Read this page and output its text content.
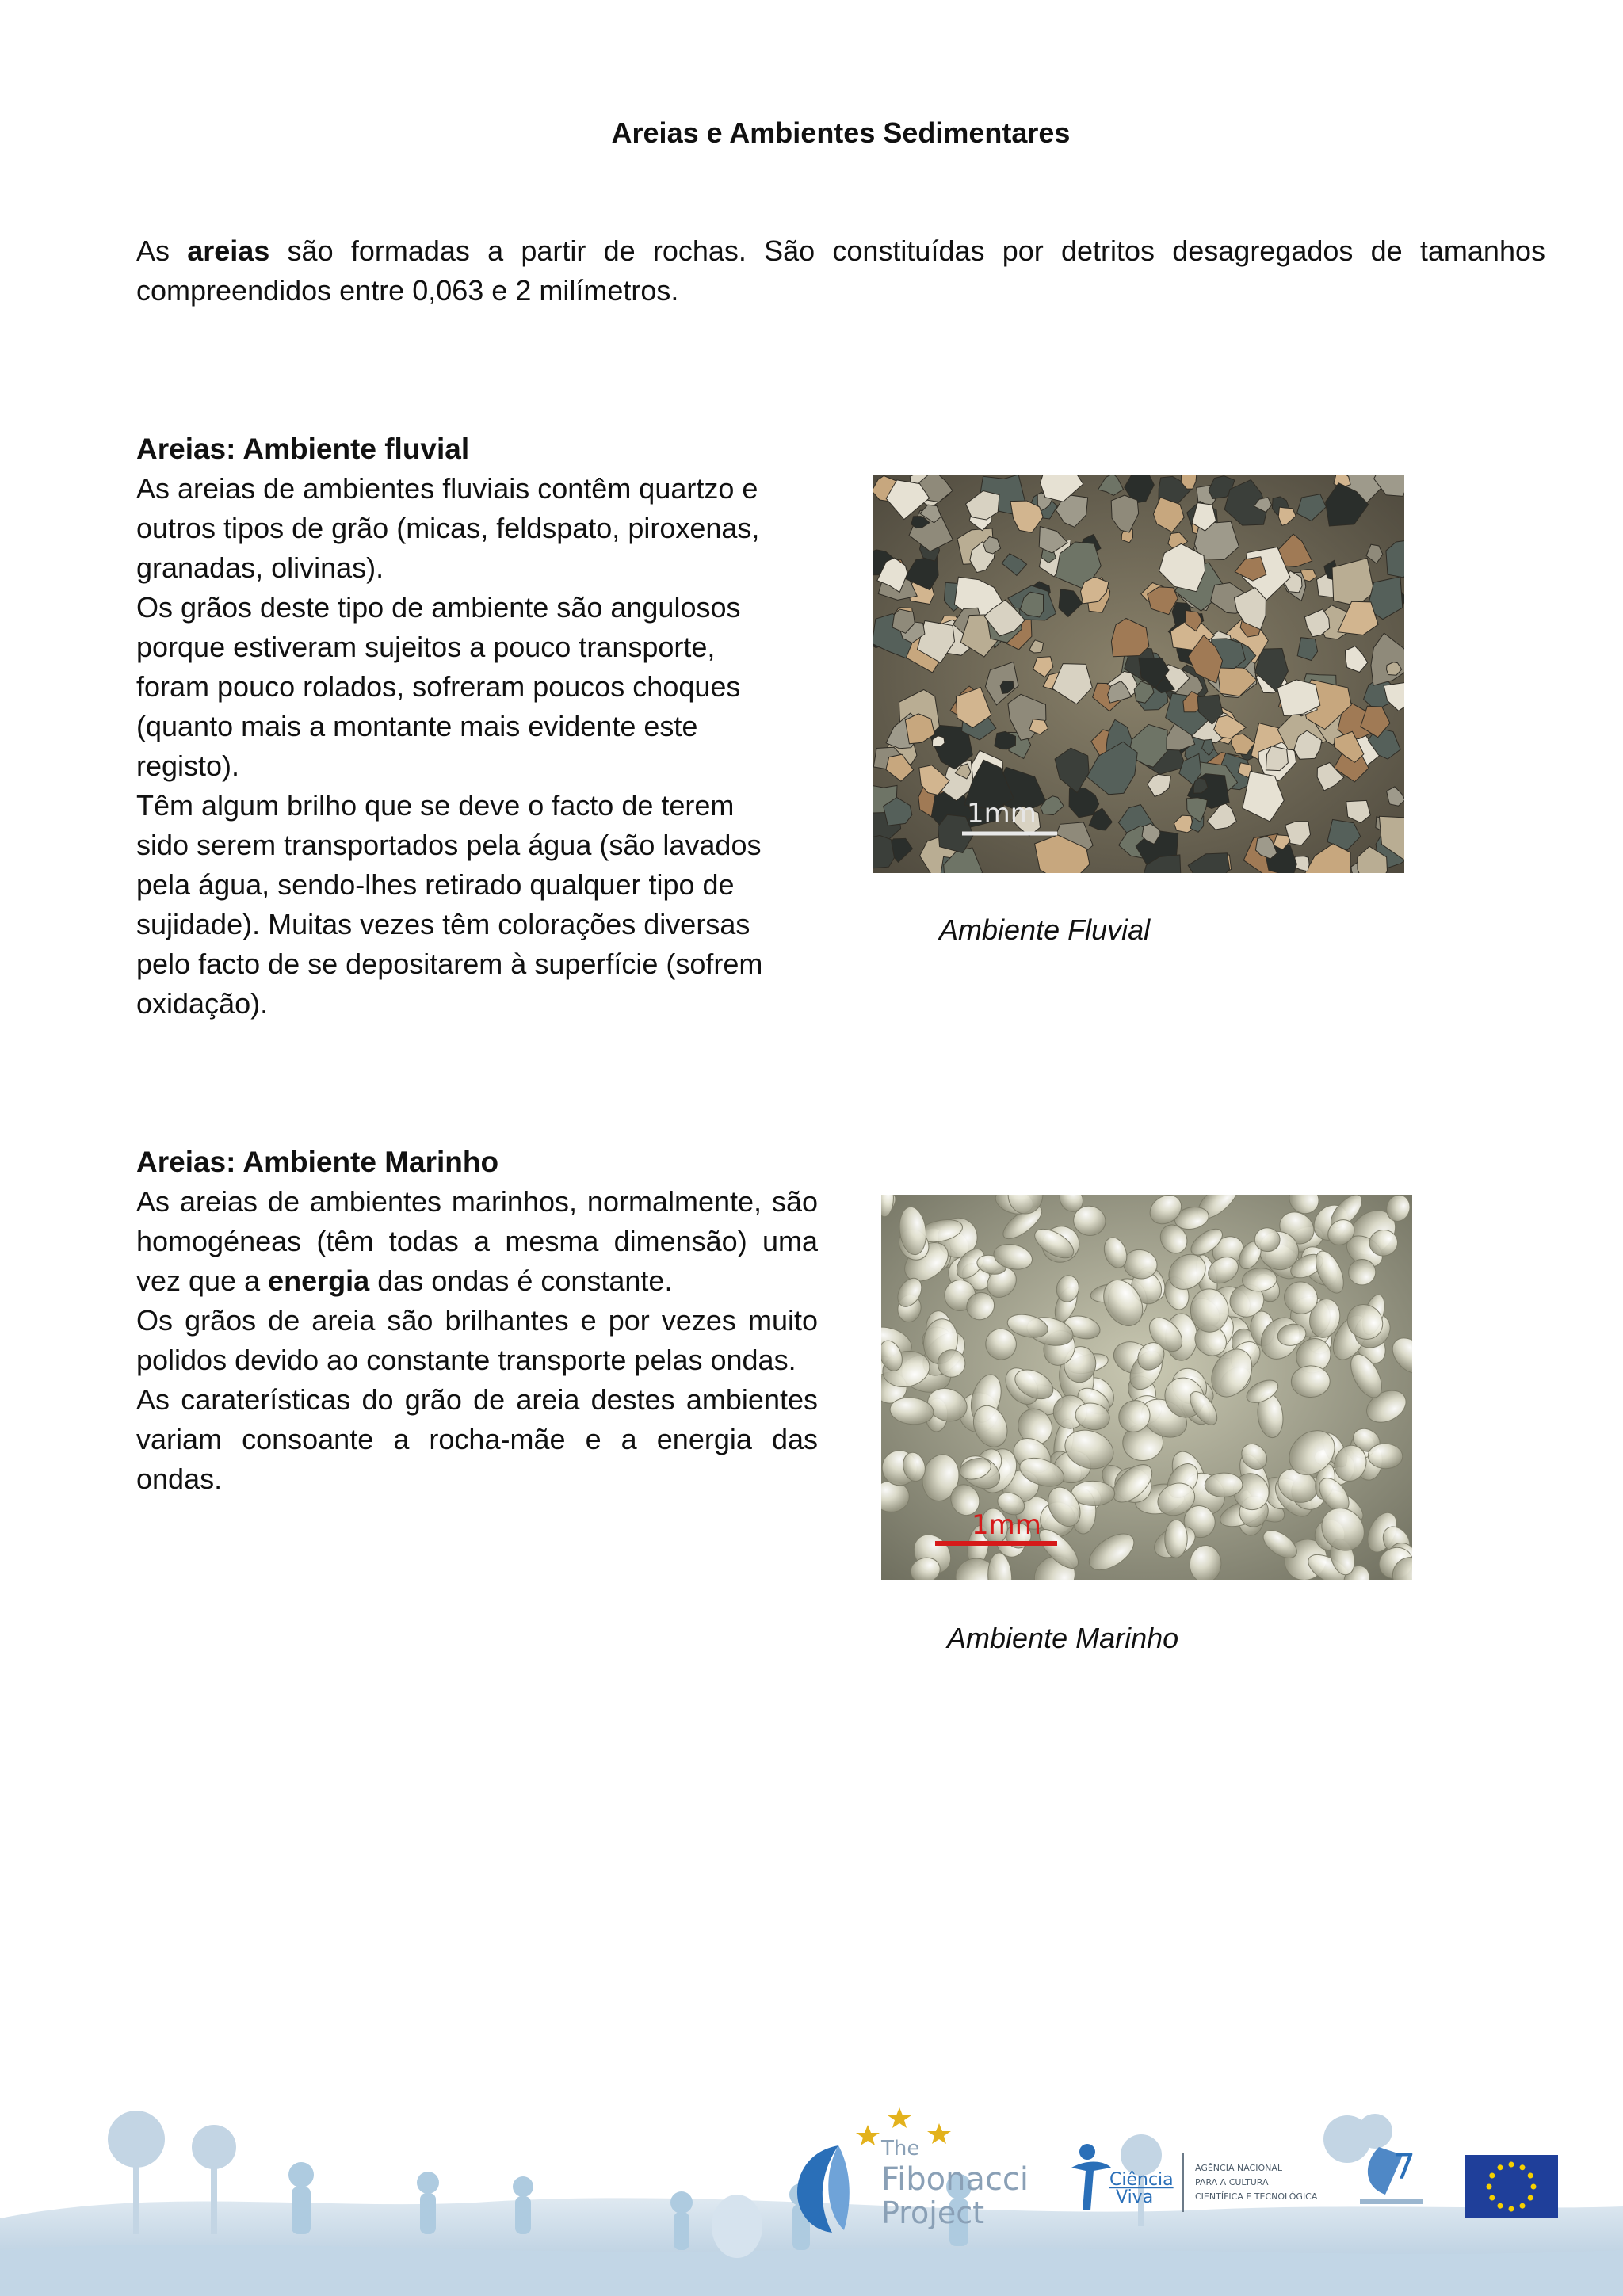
Areias e Ambientes Sedimentares
As areias são formadas a partir de rochas. São constituídas por detritos desagregados de tamanhos compreendidos entre 0,063 e 2 milímetros.
Areias: Ambiente fluvial
As areias de ambientes fluviais contêm quartzo e
outros tipos de grão (micas, feldspato, piroxenas,
granadas, olivinas).
Os grãos deste tipo de ambiente são angulosos
porque estiveram sujeitos a pouco transporte,
foram pouco rolados, sofreram poucos choques
(quanto mais a montante mais evidente este
registo).
Têm algum brilho que se deve o facto de terem
sido serem transportados pela água (são lavados
pela água, sendo-lhes retirado qualquer tipo de
sujidade). Muitas vezes têm colorações diversas
pelo facto de se depositarem à superfície (sofrem
oxidação).
1mm
Ambiente Fluvial
Areias: Ambiente Marinho

As areias de ambientes marinhos, normalmente, são homogéneas (têm todas a mesma dimensão) uma vez que a energia das ondas é constante.

Os grãos de areia são brilhantes e por vezes muito polidos devido ao constante transporte pelas ondas.

As caraterísticas do grão de areia destes ambientes variam consoante a rocha-mãe e a energia das ondas.

1mm
Ambiente Marinho
The
Fibonacci
Project
Ciência
Viva
AGÊNCIA NACIONAL
PARA A CULTURA
CIENTÍFICA E TECNOLÓGICA
7
